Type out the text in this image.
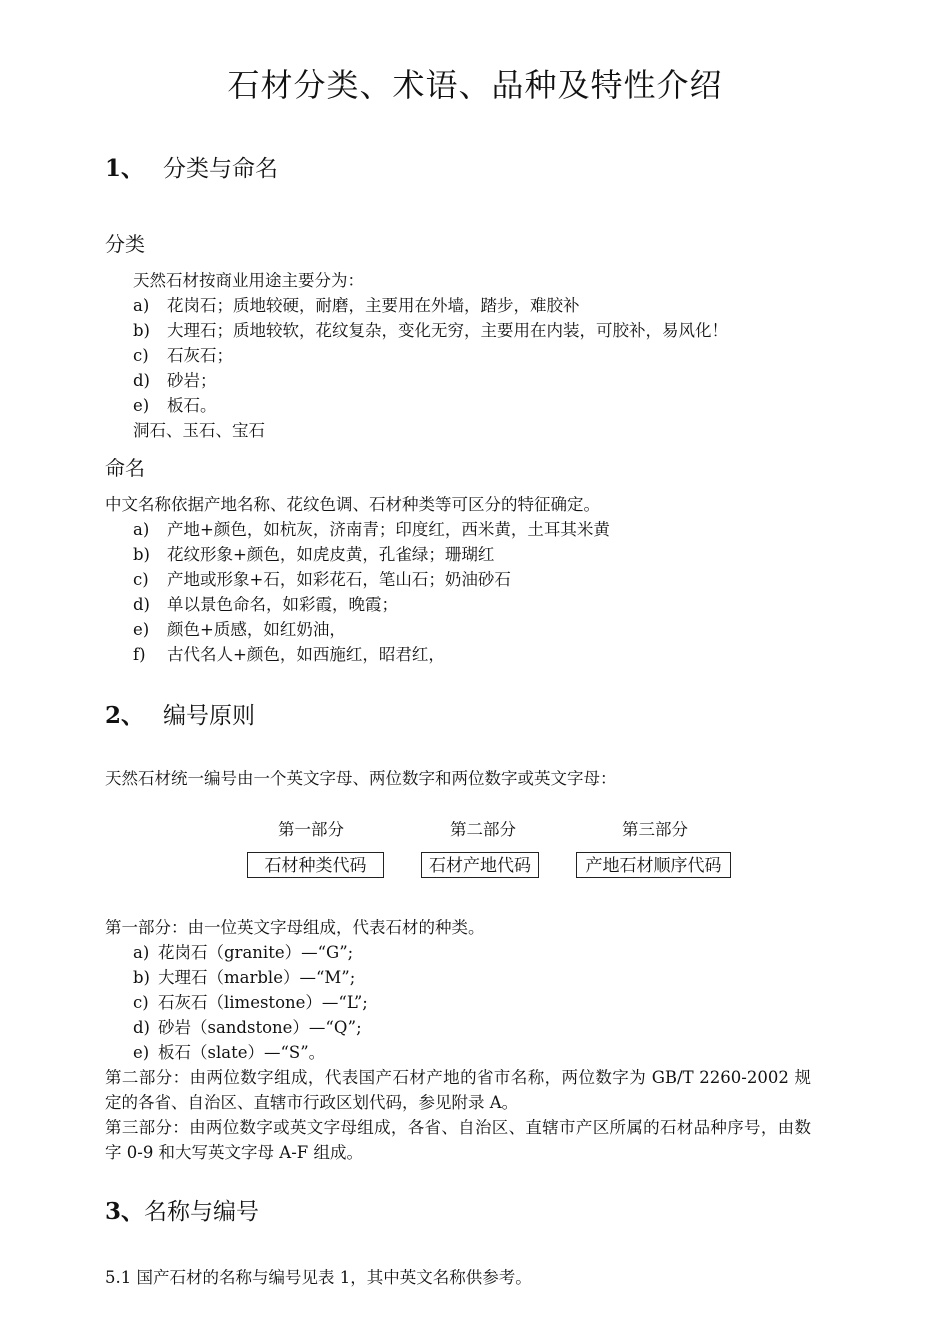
石材分类、术语、品种及特性介绍
1、 分类与命名
分类
天然石材按商业用途主要分为：
a) 花岗石；质地较硬，耐磨，主要用在外墙，踏步，难胶补
b) 大理石；质地较软，花纹复杂，变化无穷，主要用在内装，可胶补，易风化！
c) 石灰石；
d) 砂岩；
e) 板石。
洞石、玉石、宝石
命名
中文名称依据产地名称、花纹色调、石材种类等可区分的特征确定。
a) 产地+颜色，如杭灰，济南青；印度红，西米黄，土耳其米黄
b) 花纹形象+颜色，如虎皮黄，孔雀绿；珊瑚红
c) 产地或形象+石，如彩花石，笔山石；奶油砂石
d) 单以景色命名，如彩霞，晚霞；
e) 颜色+质感，如红奶油，
f) 古代名人+颜色，如西施红，昭君红，
2、 编号原则
天然石材统一编号由一个英文字母、两位数字和两位数字或英文字母：
第一部分	第二部分	第三部分
石材种类代码	石材产地代码	产地石材顺序代码
第一部分：由一位英文字母组成，代表石材的种类。
a) 花岗石（granite）—“G”;
b) 大理石（marble）—“M”;
c) 石灰石（limestone）—“L”;
d) 砂岩（sandstone）—“Q”;
e) 板石（slate）—“S”。
第二部分：由两位数字组成，代表国产石材产地的省市名称，两位数字为 GB/T 2260-2002 规定的各省、自治区、直辖市行政区划代码，参见附录 A。
第三部分：由两位数字或英文字母组成，各省、自治区、直辖市产区所属的石材品种序号，由数字 0-9 和大写英文字母 A-F 组成。
3、名称与编号
5.1 国产石材的名称与编号见表 1，其中英文名称供参考。
